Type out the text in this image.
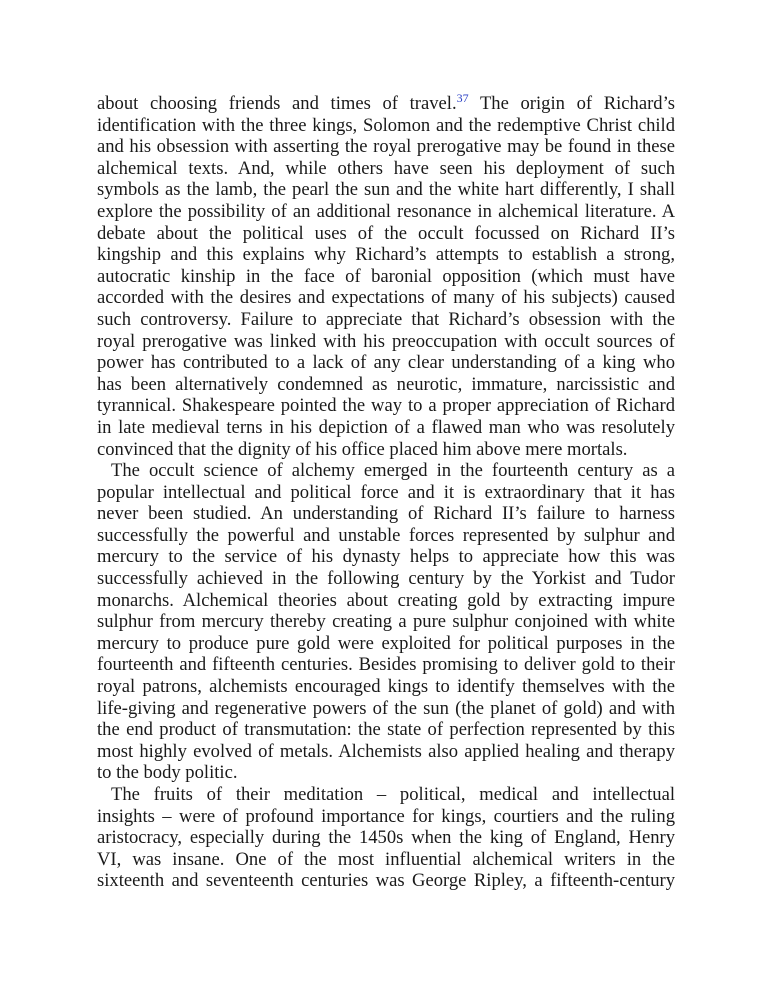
about choosing friends and times of travel.$^{37}$ The origin of Richard’s
identification with the three kings, Solomon and the redemptive Christ child
and his obsession with asserting the royal prerogative may be found in these
alchemical texts. And, while others have seen his deployment of such
symbols as the lamb, the pearl the sun and the white hart differently, I shall
explore the possibility of an additional resonance in alchemical literature. A
debate about the political uses of the occult focussed on Richard II’s
kingship and this explains why Richard’s attempts to establish a strong,
autocratic kinship in the face of baronial opposition (which must have
accorded with the desires and expectations of many of his subjects) caused
such controversy. Failure to appreciate that Richard’s obsession with the
royal prerogative was linked with his preoccupation with occult sources of
power has contributed to a lack of any clear understanding of a king who
has been alternatively condemned as neurotic, immature, narcissistic and
tyrannical. Shakespeare pointed the way to a proper appreciation of Richard
in late medieval terns in his depiction of a flawed man who was resolutely
convinced that the dignity of his office placed him above mere mortals.
The occult science of alchemy emerged in the fourteenth century as a
popular intellectual and political force and it is extraordinary that it has
never been studied. An understanding of Richard II’s failure to harness
successfully the powerful and unstable forces represented by sulphur and
mercury to the service of his dynasty helps to appreciate how this was
successfully achieved in the following century by the Yorkist and Tudor
monarchs. Alchemical theories about creating gold by extracting impure
sulphur from mercury thereby creating a pure sulphur conjoined with white
mercury to produce pure gold were exploited for political purposes in the
fourteenth and fifteenth centuries. Besides promising to deliver gold to their
royal patrons, alchemists encouraged kings to identify themselves with the
life-giving and regenerative powers of the sun (the planet of gold) and with
the end product of transmutation: the state of perfection represented by this
most highly evolved of metals. Alchemists also applied healing and therapy
to the body politic.
The fruits of their meditation – political, medical and intellectual
insights – were of profound importance for kings, courtiers and the ruling
aristocracy, especially during the 1450s when the king of England, Henry
VI, was insane. One of the most influential alchemical writers in the
sixteenth and seventeenth centuries was George Ripley, a fifteenth-century
